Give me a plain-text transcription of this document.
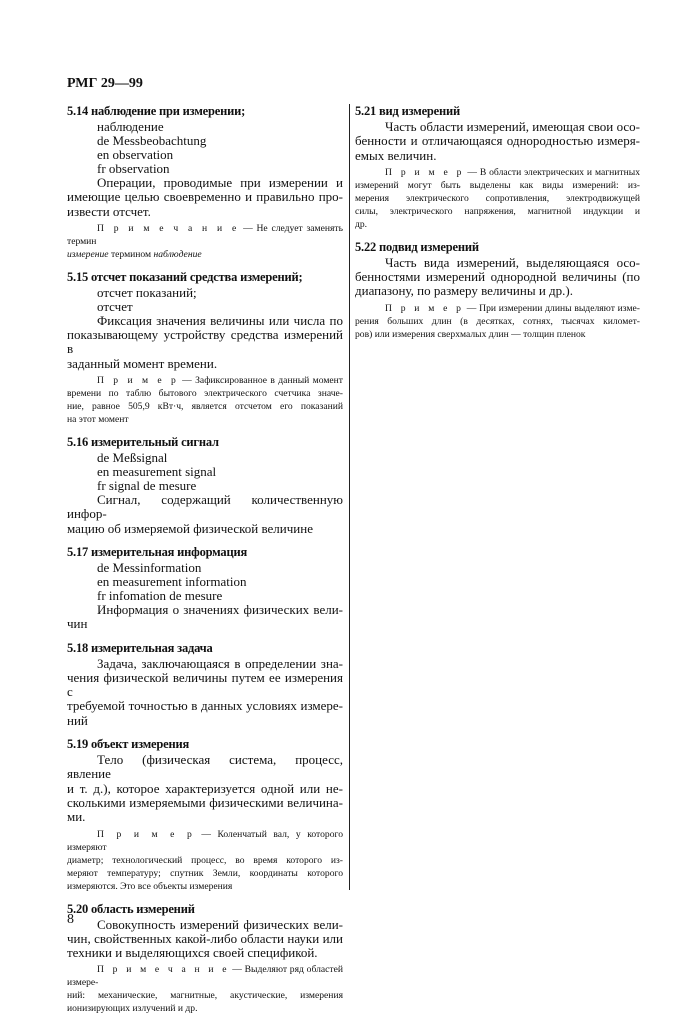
РМГ 29—99
5.14 наблюдение при измерении;
наблюдение
de Messbeobachtung
en observation
fr observation
Операции, проводимые при измерении и
имеющие целью своевременно и правильно про-
извести отсчет.
П р и м е ч а н и е — Не следует заменять термин
измерение термином наблюдение
5.15 отсчет показаний средства измерений;
отсчет показаний;
отсчет
Фиксация значения величины или числа по
показывающему устройству средства измерений в
заданный момент времени.
П р и м е р — Зафиксированное в данный момент
времени по таблю бытового электрического счетчика значе-
ние, равное 505,9 кВт·ч, является отсчетом его показаний
на этот момент
5.16 измерительный сигнал
de Meßsignal
en measurement signal
fr signal de mesure
Сигнал, содержащий количественную инфор-
мацию об измеряемой физической величине
5.17 измерительная информация
de Messinformation
en measurement information
fr infomation de mesure
Информация о значениях физических вели-
чин
5.18 измерительная задача
Задача, заключающаяся в определении зна-
чения физической величины путем ее измерения с
требуемой точностью в данных условиях измере-
ний
5.19 объект измерения
Тело (физическая система, процесс, явление
и т. д.), которое характеризуется одной или не-
сколькими измеряемыми физическими величина-
ми.
П р и м е р — Коленчатый вал, у которого измеряют
диаметр; технологический процесс, во время которого из-
меряют температуру; спутник Земли, координаты которого
измеряются. Это все объекты измерения
5.20 область измерений
Совокупность измерений физических вели-
чин, свойственных какой-либо области науки или
техники и выделяющихся своей спецификой.
П р и м е ч а н и е — Выделяют ряд областей измере-
ний: механические, магнитные, акустические, измерения
ионизирующих излучений и др.
5.21 вид измерений
Часть области измерений, имеющая свои осо-
бенности и отличающаяся однородностью измеря-
емых величин.
П р и м е р — В области электрических и магнитных
измерений могут быть выделены как виды измерений: из-
мерения электрического сопротивления, электродвижущей
силы, электрического напряжения, магнитной индукции и
др.
5.22 подвид измерений
Часть вида измерений, выделяющаяся осо-
бенностями измерений однородной величины (по
диапазону, по размеру величины и др.).
П р и м е р — При измерении длины выделяют изме-
рения больших длин (в десятках, сотнях, тысячах километ-
ров) или измерения сверхмалых длин — толщин пленок
8
